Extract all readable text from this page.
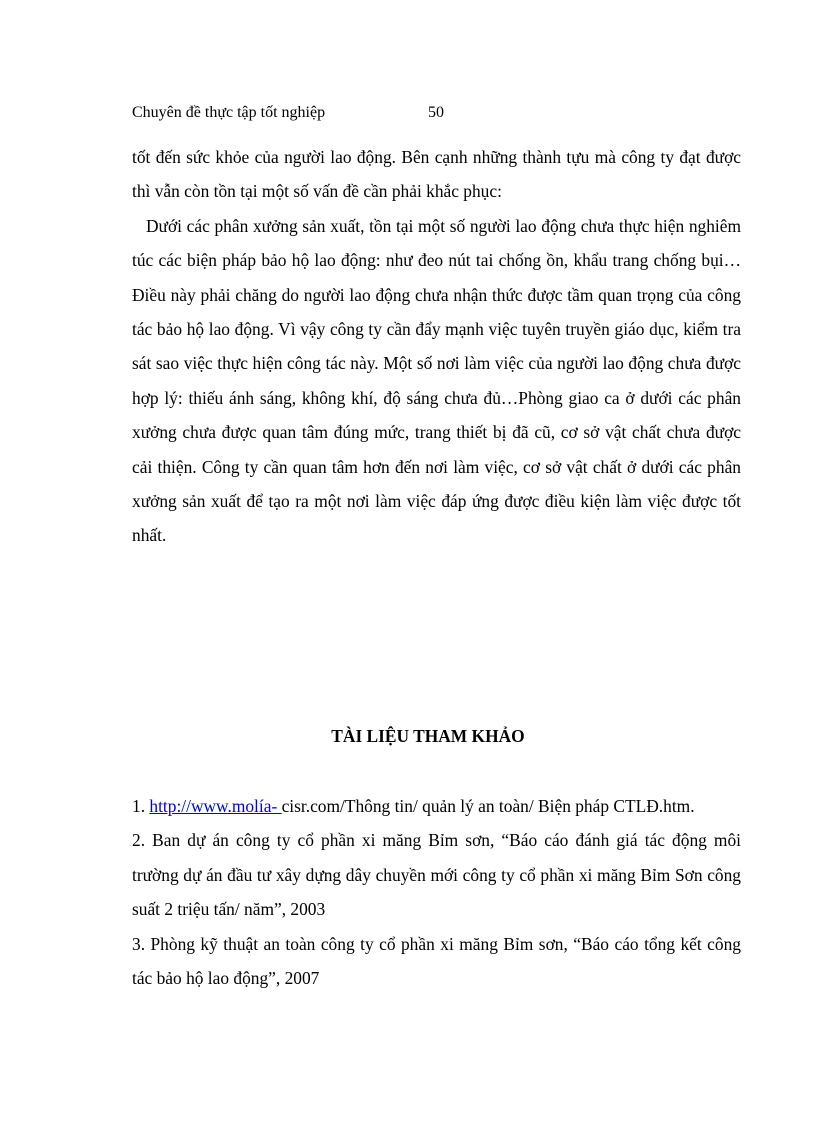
Chuyên đề thực tập tốt nghiệp	50

tốt đến sức khỏe của người lao động. Bên cạnh những thành tựu mà công ty đạt được thì vẫn còn tồn tại một số vấn đề cần phải khắc phục:

Dưới các phân xưởng sản xuất, tồn tại một số người lao động chưa thực hiện nghiêm túc các biện pháp bảo hộ lao động: như đeo nút tai chống ồn, khẩu trang chống bụi…Điều này phải chăng do người lao động chưa nhận thức được tầm quan trọng của công tác bảo hộ lao động. Vì vậy công ty cần đẩy mạnh việc tuyên truyền giáo dục, kiểm tra sát sao việc thực hiện công tác này. Một số nơi làm việc của người lao động chưa được hợp lý: thiếu ánh sáng, không khí, độ sáng chưa đủ…Phòng giao ca ở dưới các phân xưởng chưa được quan tâm đúng mức, trang thiết bị đã cũ, cơ sở vật chất chưa được cải thiện. Công ty cần quan tâm hơn đến nơi làm việc, cơ sở vật chất ở dưới các phân xưởng sản xuất để tạo ra một nơi làm việc đáp ứng được điều kiện làm việc được tốt nhất.

TÀI LIỆU THAM KHẢO

1. http://www.molía- cisr.com/Thông tin/ quản lý an toàn/ Biện pháp CTLĐ.htm.

2. Ban dự án công ty cổ phần xi măng Bỉm sơn, “Báo cáo đánh giá tác động môi trường dự án đầu tư xây dựng dây chuyền mới công ty cổ phần xi măng Bỉm Sơn công suất 2 triệu tấn/ năm”, 2003

3. Phòng kỹ thuật an toàn công ty cổ phần xi măng Bỉm sơn, “Báo cáo tổng kết công tác bảo hộ lao động”, 2007
